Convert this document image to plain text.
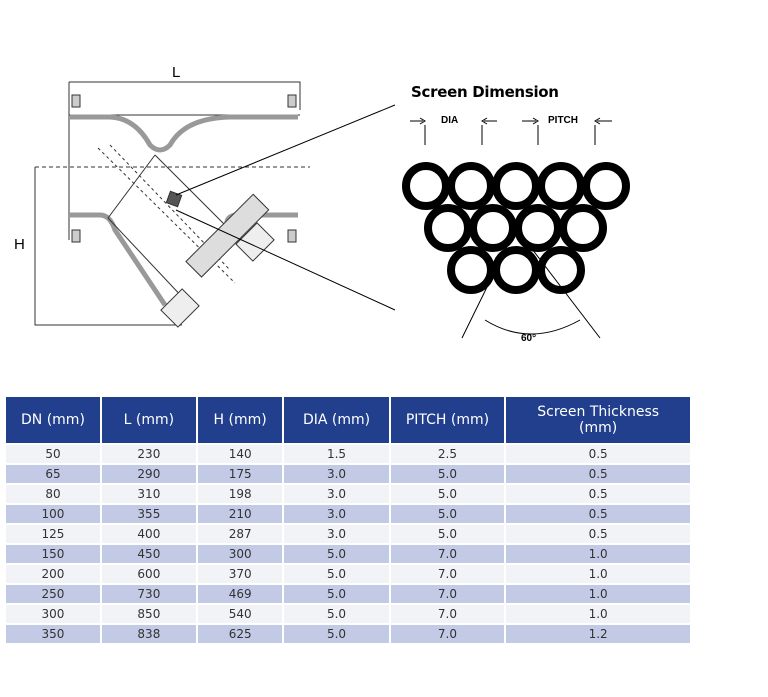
L
H
Screen Dimension
DIA	PITCH
60°
DN (mm)	L (mm)	H (mm)	DIA (mm)	PITCH (mm)	Screen Thickness (mm)
50	230	140	1.5	2.5	0.5
65	290	175	3.0	5.0	0.5
80	310	198	3.0	5.0	0.5
100	355	210	3.0	5.0	0.5
125	400	287	3.0	5.0	0.5
150	450	300	5.0	7.0	1.0
200	600	370	5.0	7.0	1.0
250	730	469	5.0	7.0	1.0
300	850	540	5.0	7.0	1.0
350	838	625	5.0	7.0	1.2
